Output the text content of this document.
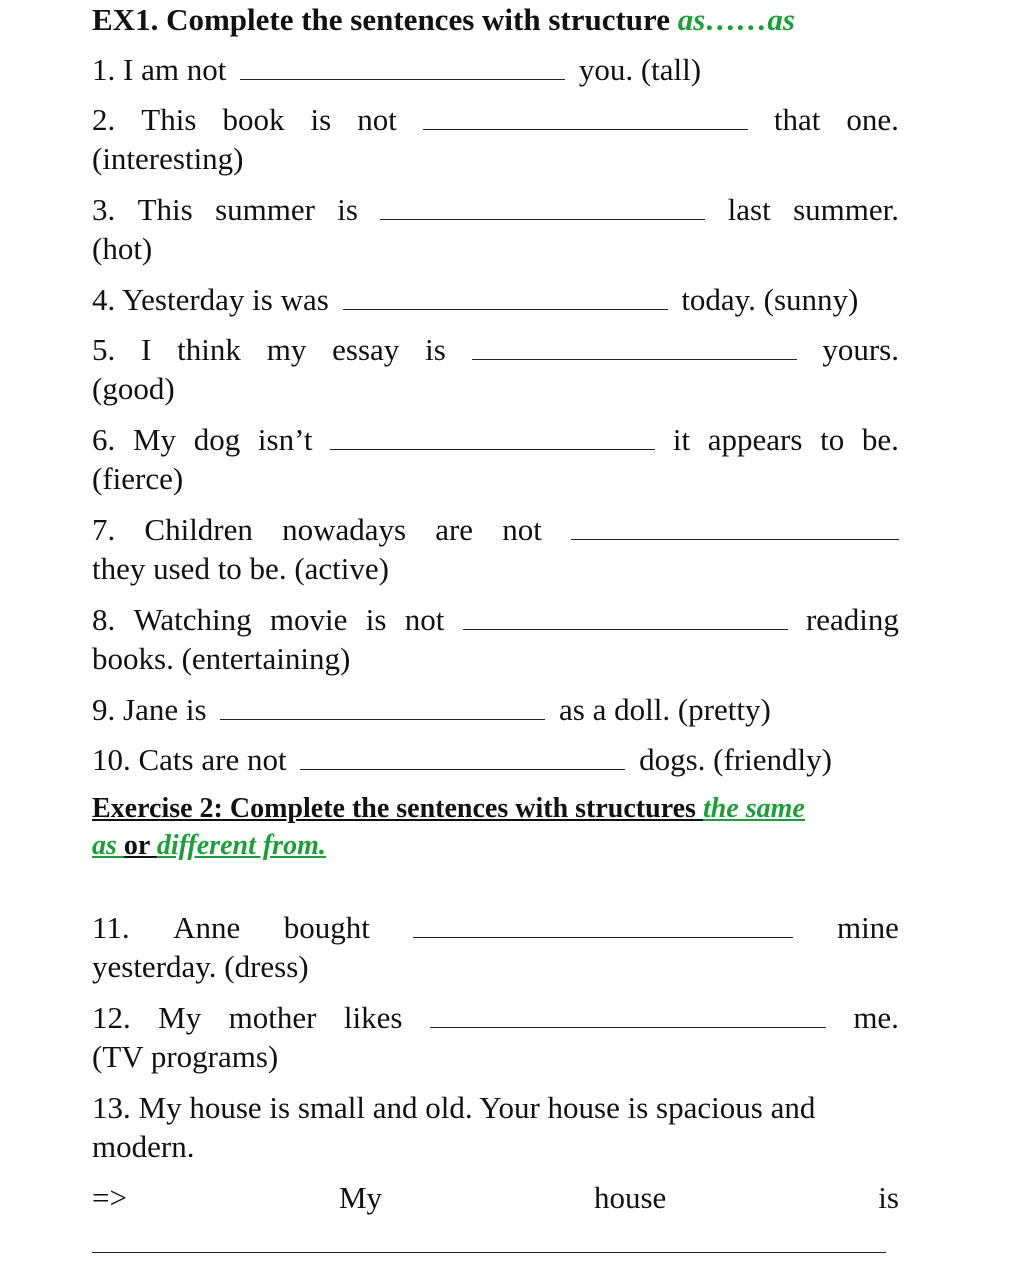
EX1. Complete the sentences with structure as……as
1. I am not	you. (tall)
2. This book is not	that one.
(interesting)
3. This summer is	last summer.
(hot)
4. Yesterday is was	today. (sunny)
5. I think my essay is	yours.
(good)
6. My dog isn’t	it appears to be.
(fierce)
7. Children nowadays are not
they used to be. (active)
8. Watching movie is not	reading
books. (entertaining)
9. Jane is	as a doll. (pretty)
10. Cats are not	dogs. (friendly)
Exercise 2: Complete the sentences with structures the same
as or different from.
11. Anne bought	mine
yesterday. (dress)
12. My mother likes	me.
(TV programs)
13. My house is small and old. Your house is spacious and
modern.
=>	My	house	is
